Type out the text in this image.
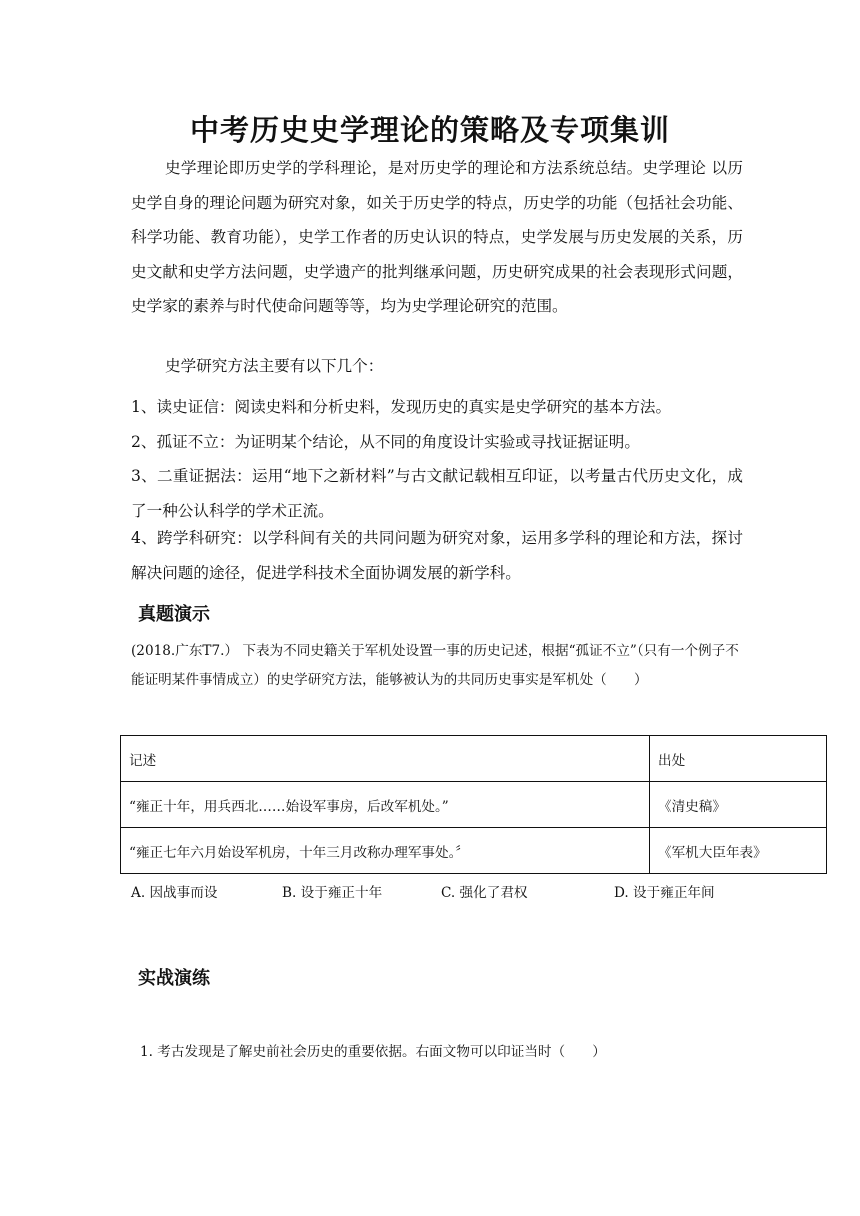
中考历史史学理论的策略及专项集训
史学理论即历史学的学科理论，是对历史学的理论和方法系统总结。史学理论 以历史学自身的理论问题为研究对象，如关于历史学的特点，历史学的功能（包括社会功能、科学功能、教育功能），史学工作者的历史认识的特点，史学发展与历史发展的关系，历史文献和史学方法问题，史学遗产的批判继承问题，历史研究成果的社会表现形式问题，史学家的素养与时代使命问题等等，均为史学理论研究的范围。
史学研究方法主要有以下几个：
1、读史证信：阅读史料和分析史料，发现历史的真实是史学研究的基本方法。
2、孤证不立：为证明某个结论，从不同的角度设计实验或寻找证据证明。
3、二重证据法：运用“地下之新材料”与古文献记载相互印证，以考量古代历史文化，成了一种公认科学的学术正流。
4、跨学科研究：以学科间有关的共同问题为研究对象，运用多学科的理论和方法，探讨解决问题的途径，促进学科技术全面协调发展的新学科。
真题演示
(2018.广东T7.） 下表为不同史籍关于军机处设置一事的历史记述，根据“孤证不立”（只有一个例子不能证明某件事情成立）的史学研究方法，能够被认为的共同历史事实是军机处（　　）
记述	出处
“雍正十年，用兵西北……始设军事房，后改军机处。”	《清史稿》
“雍正七年六月始设军机房，十年三月改称办理军事处。〞	《军机大臣年表》
A. 因战事而设	B. 设于雍正十年	C. 强化了君权	D. 设于雍正年间
实战演练
1. 考古发现是了解史前社会历史的重要依据。右面文物可以印证当时（　　）
